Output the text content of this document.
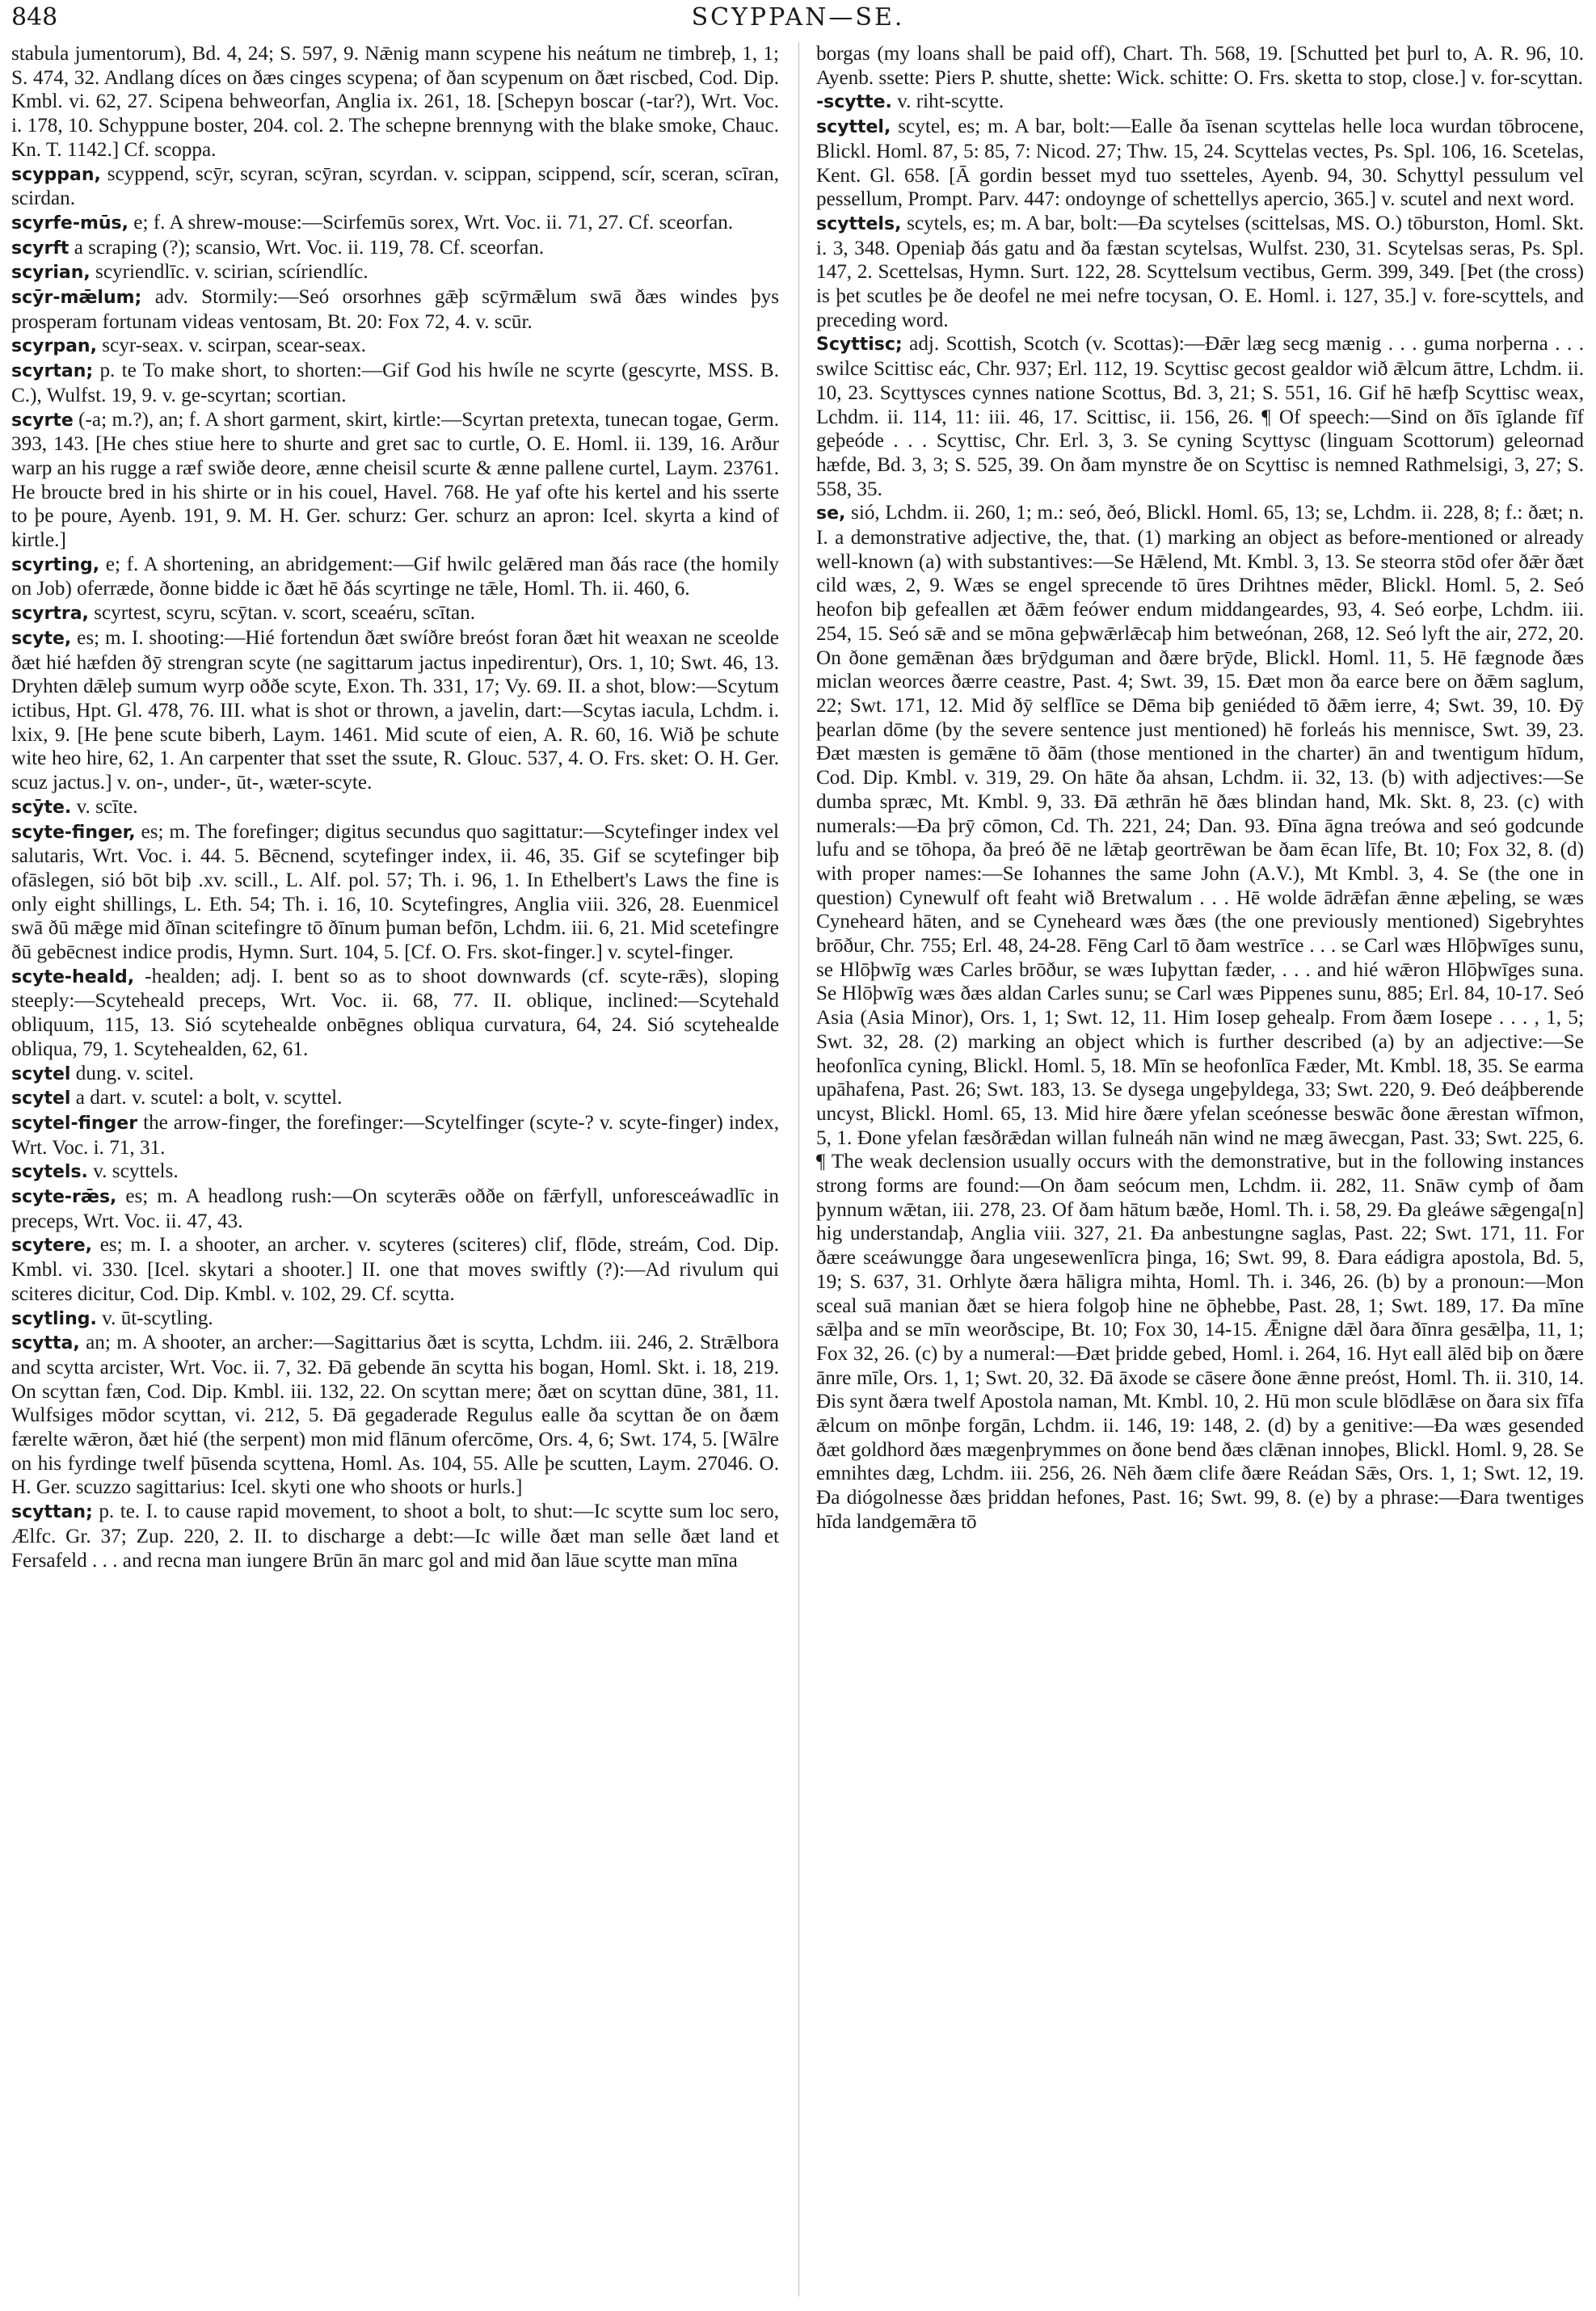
848	SCYPPAN—SE.

stabula jumentorum), Bd. 4, 24; S. 597, 9. Nǣnig mann scypene his neátum ne timbreþ, 1, 1; S. 474, 32. Andlang díces on ðæs cinges scypena; of ðan scypenum on ðæt riscbed, Cod. Dip. Kmbl. vi. 62, 27. Scipena behweorfan, Anglia ix. 261, 18. [Schepyn boscar (-tar?), Wrt. Voc. i. 178, 10. Schyppune boster, 204. col. 2. The schepne brennyng with the blake smoke, Chauc. Kn. T. 1142.] Cf. scoppa.

scyppan, scyppend, scȳr, scyran, scȳran, scyrdan. v. scippan, scippend, scír, sceran, scīran, scirdan.

scyrfe-mūs, e; f. A shrew-mouse:—Scirfemūs sorex, Wrt. Voc. ii. 71, 27. Cf. sceorfan.

scyrft a scraping (?); scansio, Wrt. Voc. ii. 119, 78. Cf. sceorfan.

scyrian, scyriendlīc. v. scirian, scíriendlíc.

scȳr-mǣlum; adv. Stormily:—Seó orsorhnes gǣþ scȳrmǣlum swā ðæs windes þys prosperam fortunam videas ventosam, Bt. 20: Fox 72, 4. v. scūr.

scyrpan, scyr-seax. v. scirpan, scear-seax.

scyrtan; p. te To make short, to shorten:—Gif God his hwíle ne scyrte (gescyrte, MSS. B. C.), Wulfst. 19, 9. v. ge-scyrtan; scortian.

scyrte (-a; m.?), an; f. A short garment, skirt, kirtle:—Scyrtan pretexta, tunecan togae, Germ. 393, 143. [He ches stiue here to shurte and gret sac to curtle, O. E. Homl. ii. 139, 16. Arður warp an his rugge a ræf swiðe deore, ænne cheisil scurte & ænne pallene curtel, Laym. 23761. He broucte bred in his shirte or in his couel, Havel. 768. He yaf ofte his kertel and his sserte to þe poure, Ayenb. 191, 9. M. H. Ger. schurz: Ger. schurz an apron: Icel. skyrta a kind of kirtle.]

scyrting, e; f. A shortening, an abridgement:—Gif hwilc gelǣred man ðás race (the homily on Job) oferræde, ðonne bidde ic ðæt hē ðás scyrtinge ne tǣle, Homl. Th. ii. 460, 6.

scyrtra, scyrtest, scyru, scȳtan. v. scort, sceaéru, scītan.

scyte, es; m. I. shooting:—Hié fortendun ðæt swíðre breóst foran ðæt hit weaxan ne sceolde ðæt hié hæfden ðȳ strengran scyte (ne sagittarum jactus inpedirentur), Ors. 1, 10; Swt. 46, 13. Dryhten dǣleþ sumum wyrp oððe scyte, Exon. Th. 331, 17; Vy. 69. II. a shot, blow:—Scytum ictibus, Hpt. Gl. 478, 76. III. what is shot or thrown, a javelin, dart:—Scytas iacula, Lchdm. i. lxix, 9. [He þene scute biberh, Laym. 1461. Mid scute of eien, A. R. 60, 16. Wið þe schute wite heo hire, 62, 1. An carpenter that sset the ssute, R. Glouc. 537, 4. O. Frs. sket: O. H. Ger. scuz jactus.] v. on-, under-, ūt-, wæter-scyte.

scȳte. v. scīte.

scyte-finger, es; m. The forefinger; digitus secundus quo sagittatur:—Scytefinger index vel salutaris, Wrt. Voc. i. 44. 5. Bēcnend, scytefinger index, ii. 46, 35. Gif se scytefinger biþ ofāslegen, sió bōt biþ .xv. scill., L. Alf. pol. 57; Th. i. 96, 1. In Ethelbert's Laws the fine is only eight shillings, L. Eth. 54; Th. i. 16, 10. Scytefingres, Anglia viii. 326, 28. Euenmicel swā ðū mǣge mid ðīnan scitefingre tō ðīnum þuman befōn, Lchdm. iii. 6, 21. Mid scetefingre ðū gebēcnest indice prodis, Hymn. Surt. 104, 5. [Cf. O. Frs. skot-finger.] v. scytel-finger.

scyte-heald, -healden; adj. I. bent so as to shoot downwards (cf. scyte-rǣs), sloping steeply:—Scyteheald preceps, Wrt. Voc. ii. 68, 77. II. oblique, inclined:—Scytehald obliquum, 115, 13. Sió scytehealde onbēgnes obliqua curvatura, 64, 24. Sió scytehealde obliqua, 79, 1. Scytehealden, 62, 61.

scytel dung. v. scitel.

scytel a dart. v. scutel: a bolt, v. scyttel.

scytel-finger the arrow-finger, the forefinger:—Scytelfinger (scyte-? v. scyte-finger) index, Wrt. Voc. i. 71, 31.

scytels. v. scyttels.

scyte-rǣs, es; m. A headlong rush:—On scyterǣs oððe on fǣrfyll, unforesceáwadlīc in preceps, Wrt. Voc. ii. 47, 43.

scytere, es; m. I. a shooter, an archer. v. scyteres (sciteres) clif, flōde, streám, Cod. Dip. Kmbl. vi. 330. [Icel. skytari a shooter.] II. one that moves swiftly (?):—Ad rivulum qui sciteres dicitur, Cod. Dip. Kmbl. v. 102, 29. Cf. scytta.

scytling. v. ūt-scytling.

scytta, an; m. A shooter, an archer:—Sagittarius ðæt is scytta, Lchdm. iii. 246, 2. Strǣlbora and scytta arcister, Wrt. Voc. ii. 7, 32. Ðā gebende ān scytta his bogan, Homl. Skt. i. 18, 219. On scyttan fæn, Cod. Dip. Kmbl. iii. 132, 22. On scyttan mere; ðæt on scyttan dūne, 381, 11. Wulfsiges mōdor scyttan, vi. 212, 5. Ðā gegaderade Regulus ealle ða scyttan ðe on ðæm færelte wǣron, ðæt hié (the serpent) mon mid flānum ofercōme, Ors. 4, 6; Swt. 174, 5. [Wālre on his fyrdinge twelf þūsenda scyttena, Homl. As. 104, 55. Alle þe scutten, Laym. 27046. O. H. Ger. scuzzo sagittarius: Icel. skyti one who shoots or hurls.]

scyttan; p. te. I. to cause rapid movement, to shoot a bolt, to shut:—Ic scytte sum loc sero, Ælfc. Gr. 37; Zup. 220, 2. II. to discharge a debt:—Ic wille ðæt man selle ðæt land et Fersafeld . . . and recna man iungere Brūn ān marc gol and mid ðan lāue scytte man mīna

borgas (my loans shall be paid off), Chart. Th. 568, 19. [Schutted þet þurl to, A. R. 96, 10. Ayenb. ssette: Piers P. shutte, shette: Wick. schitte: O. Frs. sketta to stop, close.] v. for-scyttan.

-scytte. v. riht-scytte.

scyttel, scytel, es; m. A bar, bolt:—Ealle ða īsenan scyttelas helle loca wurdan tōbrocene, Blickl. Homl. 87, 5: 85, 7: Nicod. 27; Thw. 15, 24. Scyttelas vectes, Ps. Spl. 106, 16. Scetelas, Kent. Gl. 658. [Ā gordin besset myd tuo ssetteles, Ayenb. 94, 30. Schyttyl pessulum vel pessellum, Prompt. Parv. 447: ondoynge of schettellys apercio, 365.] v. scutel and next word.

scyttels, scytels, es; m. A bar, bolt:—Ða scytelses (scittelsas, MS. O.) tōburston, Homl. Skt. i. 3, 348. Openiaþ ðás gatu and ða fæstan scytelsas, Wulfst. 230, 31. Scytelsas seras, Ps. Spl. 147, 2. Scettelsas, Hymn. Surt. 122, 28. Scyttelsum vectibus, Germ. 399, 349. [Þet (the cross) is þet scutles þe ðe deofel ne mei nefre tocysan, O. E. Homl. i. 127, 35.] v. fore-scyttels, and preceding word.

Scyttisc; adj. Scottish, Scotch (v. Scottas):—Ðǣr læg secg mænig . . . guma norþerna . . . swilce Scittisc eác, Chr. 937; Erl. 112, 19. Scyttisc gecost gealdor wið ǣlcum āttre, Lchdm. ii. 10, 23. Scyttysces cynnes natione Scottus, Bd. 3, 21; S. 551, 16. Gif hē hæfþ Scyttisc weax, Lchdm. ii. 114, 11: iii. 46, 17. Scittisc, ii. 156, 26. ¶ Of speech:—Sind on ðīs īglande fīf geþeóde . . . Scyttisc, Chr. Erl. 3, 3. Se cyning Scyttysc (linguam Scottorum) geleornad hæfde, Bd. 3, 3; S. 525, 39. On ðam mynstre ðe on Scyttisc is nemned Rathmelsigi, 3, 27; S. 558, 35.

se, sió, Lchdm. ii. 260, 1; m.: seó, ðeó, Blickl. Homl. 65, 13; se, Lchdm. ii. 228, 8; f.: ðæt; n. I. a demonstrative adjective, the, that. (1) marking an object as before-mentioned or already well-known (a) with substantives:—Se Hǣlend, Mt. Kmbl. 3, 13. Se steorra stōd ofer ðǣr ðæt cild wæs, 2, 9. Wæs se engel sprecende tō ūres Drihtnes mēder, Blickl. Homl. 5, 2. Seó heofon biþ gefeallen æt ðǣm feówer endum middangeardes, 93, 4. Seó eorþe, Lchdm. iii. 254, 15. Seó sǣ and se mōna geþwǣrlǣcaþ him betweónan, 268, 12. Seó lyft the air, 272, 20. On ðone gemǣnan ðæs brȳdguman and ðære brȳde, Blickl. Homl. 11, 5. Hē fægnode ðæs miclan weorces ðærre ceastre, Past. 4; Swt. 39, 15. Ðæt mon ða earce bere on ðǣm saglum, 22; Swt. 171, 12. Mid ðȳ selflīce se Dēma biþ geniéded tō ðǣm ierre, 4; Swt. 39, 10. Ðȳ þearlan dōme (by the severe sentence just mentioned) hē forleás his mennisce, Swt. 39, 23. Ðæt mæsten is gemǣne tō ðām (those mentioned in the charter) ān and twentigum hīdum, Cod. Dip. Kmbl. v. 319, 29. On hāte ða ahsan, Lchdm. ii. 32, 13. (b) with adjectives:—Se dumba spræc, Mt. Kmbl. 9, 33. Ðā æthrān hē ðæs blindan hand, Mk. Skt. 8, 23. (c) with numerals:—Ða þrȳ cōmon, Cd. Th. 221, 24; Dan. 93. Ðīna āgna treówa and seó godcunde lufu and se tōhopa, ða þreó ðē ne lǣtaþ geortrēwan be ðam ēcan līfe, Bt. 10; Fox 32, 8. (d) with proper names:—Se Iohannes the same John (A.V.), Mt Kmbl. 3, 4. Se (the one in question) Cynewulf oft feaht wið Bretwalum . . . Hē wolde ādrǣfan ǣnne æþeling, se wæs Cyneheard hāten, and se Cyneheard wæs ðæs (the one previously mentioned) Sigebryhtes brōður, Chr. 755; Erl. 48, 24-28. Fēng Carl tō ðam westrīce . . . se Carl wæs Hlōþwīges sunu, se Hlōþwīg wæs Carles brōður, se wæs Iuþyttan fæder, . . . and hié wǣron Hlōþwīges suna. Se Hlōþwīg wæs ðæs aldan Carles sunu; se Carl wæs Pippenes sunu, 885; Erl. 84, 10-17. Seó Asia (Asia Minor), Ors. 1, 1; Swt. 12, 11. Him Iosep gehealp. From ðæm Iosepe . . . , 1, 5; Swt. 32, 28. (2) marking an object which is further described (a) by an adjective:—Se heofonlīca cyning, Blickl. Homl. 5, 18. Mīn se heofonlīca Fæder, Mt. Kmbl. 18, 35. Se earma upāhafena, Past. 26; Swt. 183, 13. Se dysega ungeþyldega, 33; Swt. 220, 9. Ðeó deáþberende uncyst, Blickl. Homl. 65, 13. Mid hire ðære yfelan sceónesse beswāc ðone ǣrestan wīfmon, 5, 1. Ðone yfelan fæsðrǣdan willan fulneáh nān wind ne mæg āwecgan, Past. 33; Swt. 225, 6. ¶ The weak declension usually occurs with the demonstrative, but in the following instances strong forms are found:—On ðam seócum men, Lchdm. ii. 282, 11. Snāw cymþ of ðam þynnum wǣtan, iii. 278, 23. Of ðam hātum bæðe, Homl. Th. i. 58, 29. Ða gleáwe sǣgenga[n] hig understandaþ, Anglia viii. 327, 21. Ða anbestungne saglas, Past. 22; Swt. 171, 11. For ðære sceáwungge ðara ungesewenlīcra þinga, 16; Swt. 99, 8. Ðara eádigra apostola, Bd. 5, 19; S. 637, 31. Orhlyte ðæra hāligra mihta, Homl. Th. i. 346, 26. (b) by a pronoun:—Mon sceal suā manian ðæt se hiera folgoþ hine ne ōþhebbe, Past. 28, 1; Swt. 189, 17. Ða mīne sǣlþa and se mīn weorðscipe, Bt. 10; Fox 30, 14-15. Ǣnigne dǣl ðara ðīnra gesǣlþa, 11, 1; Fox 32, 26. (c) by a numeral:—Ðæt þridde gebed, Homl. i. 264, 16. Hyt eall ālēd biþ on ðære ānre mīle, Ors. 1, 1; Swt. 20, 32. Ðā āxode se cāsere ðone ǣnne preóst, Homl. Th. ii. 310, 14. Ðis synt ðæra twelf Apostola naman, Mt. Kmbl. 10, 2. Hū mon scule blōdlǣse on ðara six fīfa ǣlcum on mōnþe forgān, Lchdm. ii. 146, 19: 148, 2. (d) by a genitive:—Ða wæs gesended ðæt goldhord ðæs mægenþrymmes on ðone bend ðæs clǣnan innoþes, Blickl. Homl. 9, 28. Se emnihtes dæg, Lchdm. iii. 256, 26. Nēh ðæm clife ðære Reádan Sǣs, Ors. 1, 1; Swt. 12, 19. Ða diógolnesse ðæs þriddan hefones, Past. 16; Swt. 99, 8. (e) by a phrase:—Ðara twentiges hīda landgemǣra tō
